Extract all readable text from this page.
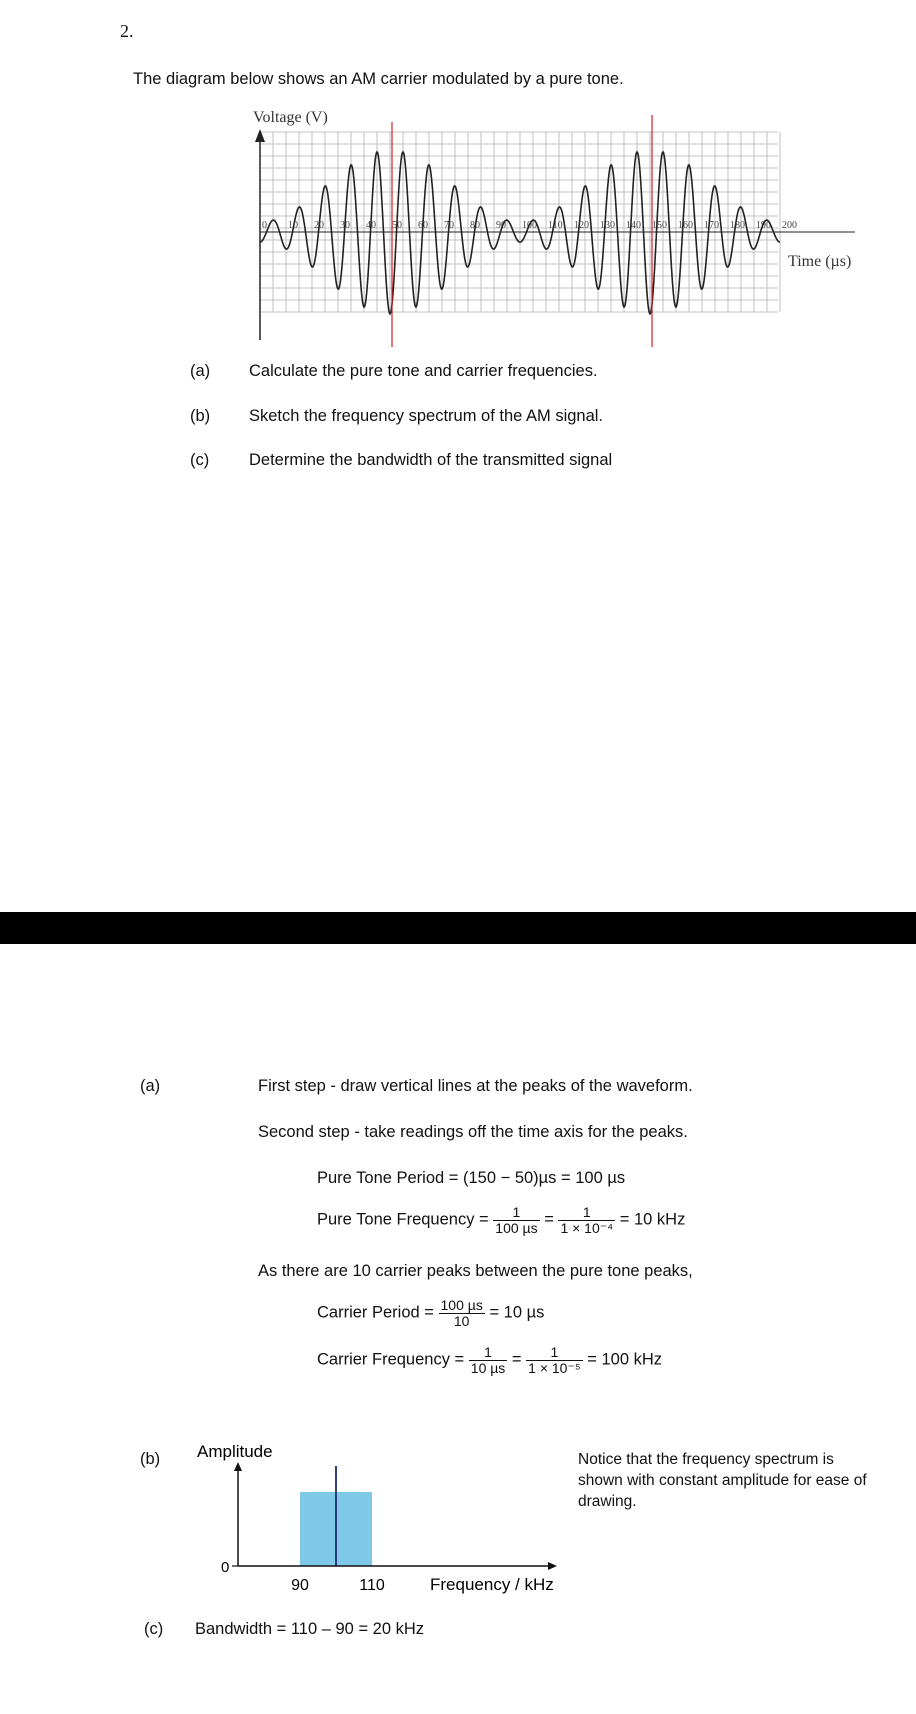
2.
The diagram below shows an AM carrier modulated by a pure tone.
Voltage (V)
0 10 20 30 40 50 60 70 80 90 100 110 120 130 140 150 160 170 180 190 200
Time (µs)
(a) Calculate the pure tone and carrier frequencies.
(b) Sketch the frequency spectrum of the AM signal.
(c) Determine the bandwidth of the transmitted signal
(a)	First step - draw vertical lines at the peaks of the waveform.
Second step - take readings off the time axis for the peaks.
Pure Tone Period = (150 − 50)µs = 100 µs
Pure Tone Frequency = $\frac{1}{\text{100 µs}} = \frac{1}{\text{1 × 10⁻⁴}} = 10$ kHz
As there are 10 carrier peaks between the pure tone peaks,
Carrier Period = $\frac{\text{100 µs}}{10} = 10$ µs
Carrier Frequency = $\frac{1}{\text{10 µs}} = \frac{1}{\text{1 × 10⁻⁵}} = 100$ kHz
(b) Amplitude
0
90	110	Frequency / kHz
Notice that the frequency spectrum is shown with constant amplitude for ease of drawing.
(c) Bandwidth = 110 – 90 = 20 kHz
